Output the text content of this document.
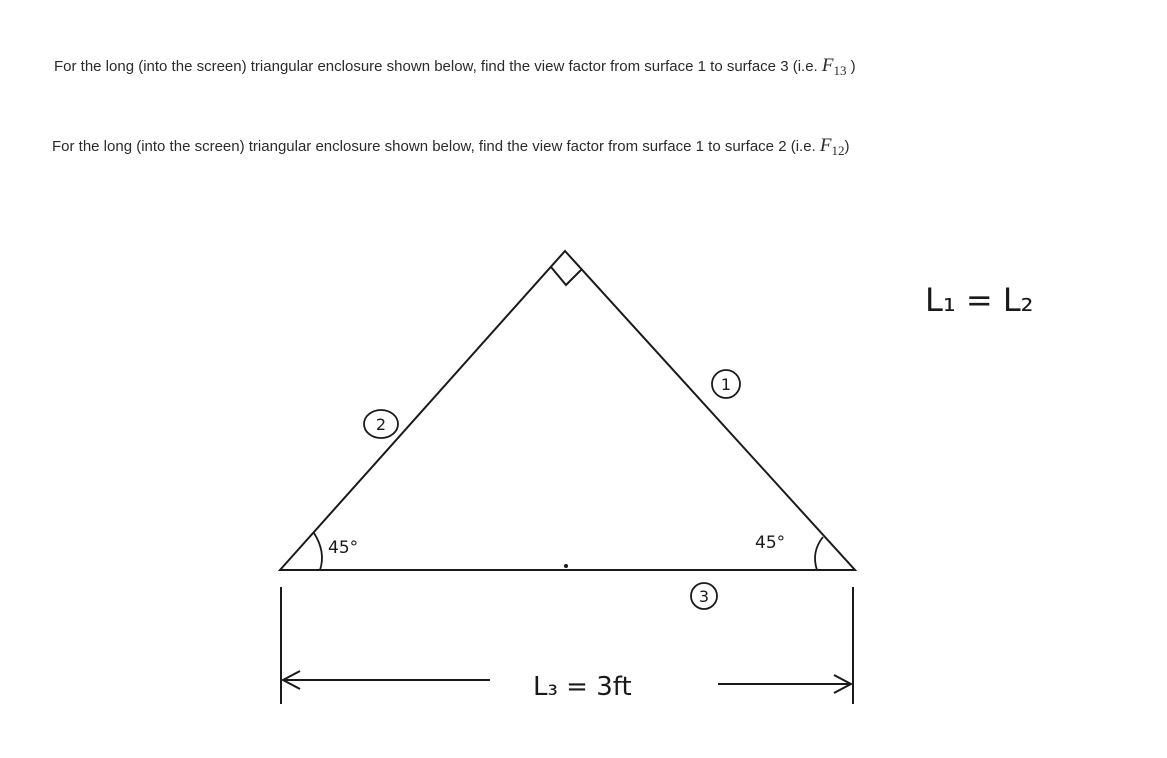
For the long (into the screen) triangular enclosure shown below, find the view factor from surface 1 to surface 3 (i.e. F13 )
For the long (into the screen) triangular enclosure shown below, find the view factor from surface 1 to surface 2 (i.e. F12)
45°	45°
1
2
3
L₃ = 3ft
L₁ = L₂
